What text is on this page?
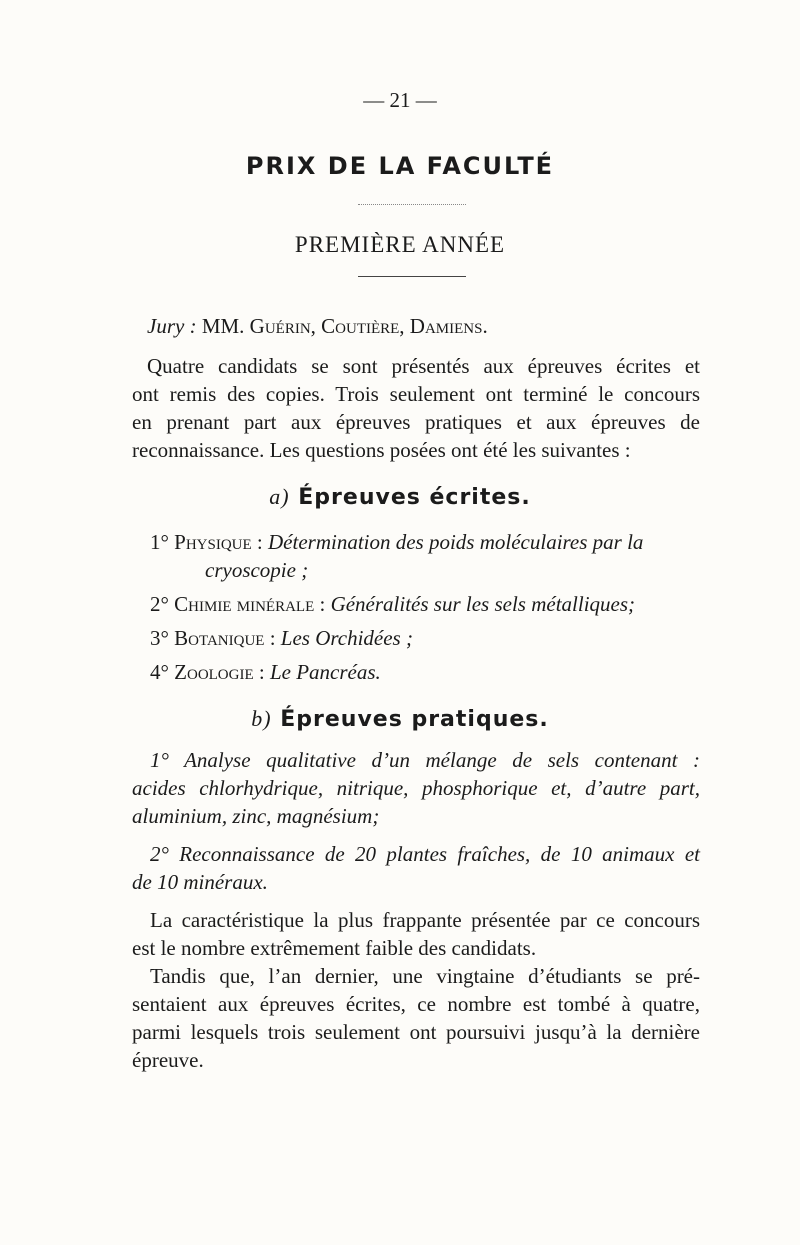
— 21 —
PRIX DE LA FACULTÉ
PREMIÈRE ANNÉE
Jury : MM. Guérin, Coutière, Damiens.
Quatre candidats se sont présentés aux épreuves écrites et
ont remis des copies. Trois seulement ont terminé le concours
en prenant part aux épreuves pratiques et aux épreuves de
reconnaissance. Les questions posées ont été les suivantes :
a) Épreuves écrites.
1° Physique : Détermination des poids moléculaires par la
cryoscopie ;
2° Chimie minérale : Généralités sur les sels métalliques;
3° Botanique : Les Orchidées ;
4° Zoologie : Le Pancréas.
b) Épreuves pratiques.
1° Analyse qualitative d’un mélange de sels contenant :
acides chlorhydrique, nitrique, phosphorique et, d’autre part,
aluminium, zinc, magnésium;
2° Reconnaissance de 20 plantes fraîches, de 10 animaux et
de 10 minéraux.
La caractéristique la plus frappante présentée par ce concours
est le nombre extrêmement faible des candidats.
Tandis que, l’an dernier, une vingtaine d’étudiants se pré-
sentaient aux épreuves écrites, ce nombre est tombé à quatre,
parmi lesquels trois seulement ont poursuivi jusqu’à la dernière
épreuve.
